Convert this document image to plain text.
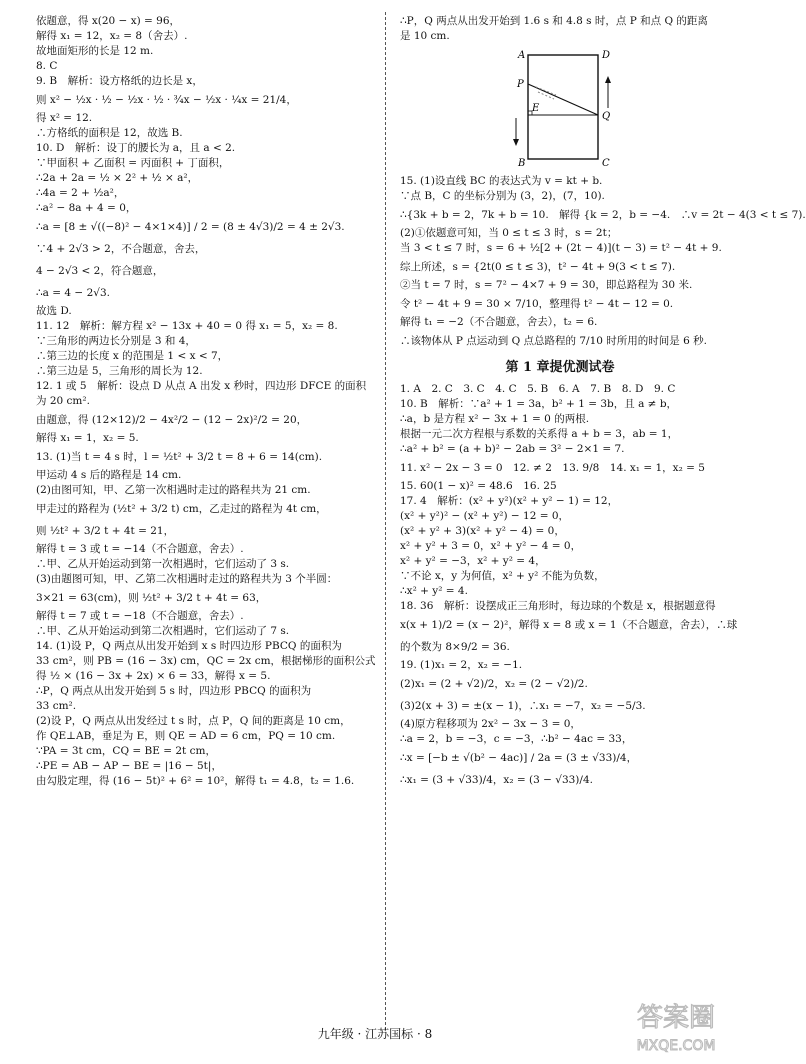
依题意，得 x(20 − x) = 96，
解得 x₁ = 12，x₂ = 8（舍去）.
故地面矩形的长是 12 m.
8. C
9. B　解析：设方格纸的边长是 x，
则 x² − ½x · ½ − ½x · ½ · ¾x − ½x · ¼x = 21/4，
得 x² = 12.
∴方格纸的面积是 12，故选 B.
10. D　解析：设丁的腰长为 a，且 a < 2.
∵甲面积 + 乙面积 = 丙面积 + 丁面积，
∴2a + 2a = ½ × 2² + ½ × a²，
∴4a = 2 + ½a²，
∴a² − 8a + 4 = 0，
∴a = [8 ± √((−8)² − 4×1×4)] / 2 = (8 ± 4√3)/2 = 4 ± 2√3.
∵4 + 2√3 > 2，不合题意，舍去，
4 − 2√3 < 2，符合题意，
∴a = 4 − 2√3.
故选 D.
11. 12　解析：解方程 x² − 13x + 40 = 0 得 x₁ = 5，x₂ = 8.
∵三角形的两边长分别是 3 和 4，
∴第三边的长度 x 的范围是 1 < x < 7，
∴第三边是 5，三角形的周长为 12.
12. 1 或 5　解析：设点 D 从点 A 出发 x 秒时，四边形 DFCE 的面积
为 20 cm².
由题意，得 (12×12)/2 − 4x²/2 − (12 − 2x)²/2 = 20，
解得 x₁ = 1，x₂ = 5.
13. (1)当 t = 4 s 时，l = ½t² + 3/2 t = 8 + 6 = 14(cm).
甲运动 4 s 后的路程是 14 cm.
(2)由图可知，甲、乙第一次相遇时走过的路程共为 21 cm.
甲走过的路程为 (½t² + 3/2 t) cm，乙走过的路程为 4t cm，
则 ½t² + 3/2 t + 4t = 21，
解得 t = 3 或 t = −14（不合题意，舍去）.
∴甲、乙从开始运动到第一次相遇时，它们运动了 3 s.
(3)由题图可知，甲、乙第二次相遇时走过的路程共为 3 个半圆：
3×21 = 63(cm)，则 ½t² + 3/2 t + 4t = 63，
解得 t = 7 或 t = −18（不合题意，舍去）.
∴甲、乙从开始运动到第二次相遇时，它们运动了 7 s.
14. (1)设 P，Q 两点从出发开始到 x s 时四边形 PBCQ 的面积为
33 cm²，则 PB = (16 − 3x) cm，QC = 2x cm，根据梯形的面积公式
得 ½ × (16 − 3x + 2x) × 6 = 33，解得 x = 5.
∴P，Q 两点从出发开始到 5 s 时，四边形 PBCQ 的面积为
33 cm².
(2)设 P，Q 两点从出发经过 t s 时，点 P，Q 间的距离是 10 cm，
作 QE⊥AB，垂足为 E，则 QE = AD = 6 cm，PQ = 10 cm.
∵PA = 3t cm，CQ = BE = 2t cm，
∴PE = AB − AP − BE = |16 − 5t|，
由勾股定理，得 (16 − 5t)² + 6² = 10²，解得 t₁ = 4.8，t₂ = 1.6.
∴P，Q 两点从出发开始到 1.6 s 和 4.8 s 时，点 P 和点 Q 的距离
是 10 cm.
A	D
P
E
Q
B	C
15. (1)设直线 BC 的表达式为 v = kt + b.
∵点 B，C 的坐标分别为 (3，2)，(7，10).
∴{3k + b = 2，7k + b = 10.　解得 {k = 2，b = −4.　∴v = 2t − 4(3 < t ≤ 7).
(2)①依题意可知，当 0 ≤ t ≤ 3 时，s = 2t；
当 3 < t ≤ 7 时，s = 6 + ½[2 + (2t − 4)](t − 3) = t² − 4t + 9.
综上所述，s = {2t(0 ≤ t ≤ 3)，t² − 4t + 9(3 < t ≤ 7).
②当 t = 7 时，s = 7² − 4×7 + 9 = 30，即总路程为 30 米.
令 t² − 4t + 9 = 30 × 7/10，整理得 t² − 4t − 12 = 0.
解得 t₁ = −2（不合题意，舍去），t₂ = 6.
∴该物体从 P 点运动到 Q 点总路程的 7/10 时所用的时间是 6 秒.
第 1 章提优测试卷
1. A　2. C　3. C　4. C　5. B　6. A　7. B　8. D　9. C
10. B　解析：∵a² + 1 = 3a，b² + 1 = 3b，且 a ≠ b，
∴a，b 是方程 x² − 3x + 1 = 0 的两根.
根据一元二次方程根与系数的关系得 a + b = 3，ab = 1，
∴a² + b² = (a + b)² − 2ab = 3² − 2×1 = 7.
11. x² − 2x − 3 = 0　12. ≠ 2　13. 9/8　14. x₁ = 1，x₂ = 5
15. 60(1 − x)² = 48.6　16. 25
17. 4　解析：(x² + y²)(x² + y² − 1) = 12，
(x² + y²)² − (x² + y²) − 12 = 0，
(x² + y² + 3)(x² + y² − 4) = 0，
x² + y² + 3 = 0，x² + y² − 4 = 0，
x² + y² = −3，x² + y² = 4，
∵不论 x，y 为何值，x² + y² 不能为负数，
∴x² + y² = 4.
18. 36　解析：设摆成正三角形时，每边球的个数是 x，根据题意得
x(x + 1)/2 = (x − 2)²，解得 x = 8 或 x = 1（不合题意，舍去），∴球
的个数为 8×9/2 = 36.
19. (1)x₁ = 2，x₂ = −1.
(2)x₁ = (2 + √2)/2，x₂ = (2 − √2)/2.
(3)2(x + 3) = ±(x − 1)，∴x₁ = −7，x₂ = −5/3.
(4)原方程移项为 2x² − 3x − 3 = 0，
∴a = 2，b = −3，c = −3，∴b² − 4ac = 33，
∴x = [−b ± √(b² − 4ac)] / 2a = (3 ± √33)/4，
∴x₁ = (3 + √33)/4，x₂ = (3 − √33)/4.
九年级 · 江苏国标 · 8
答案圈
MXQE.COM
